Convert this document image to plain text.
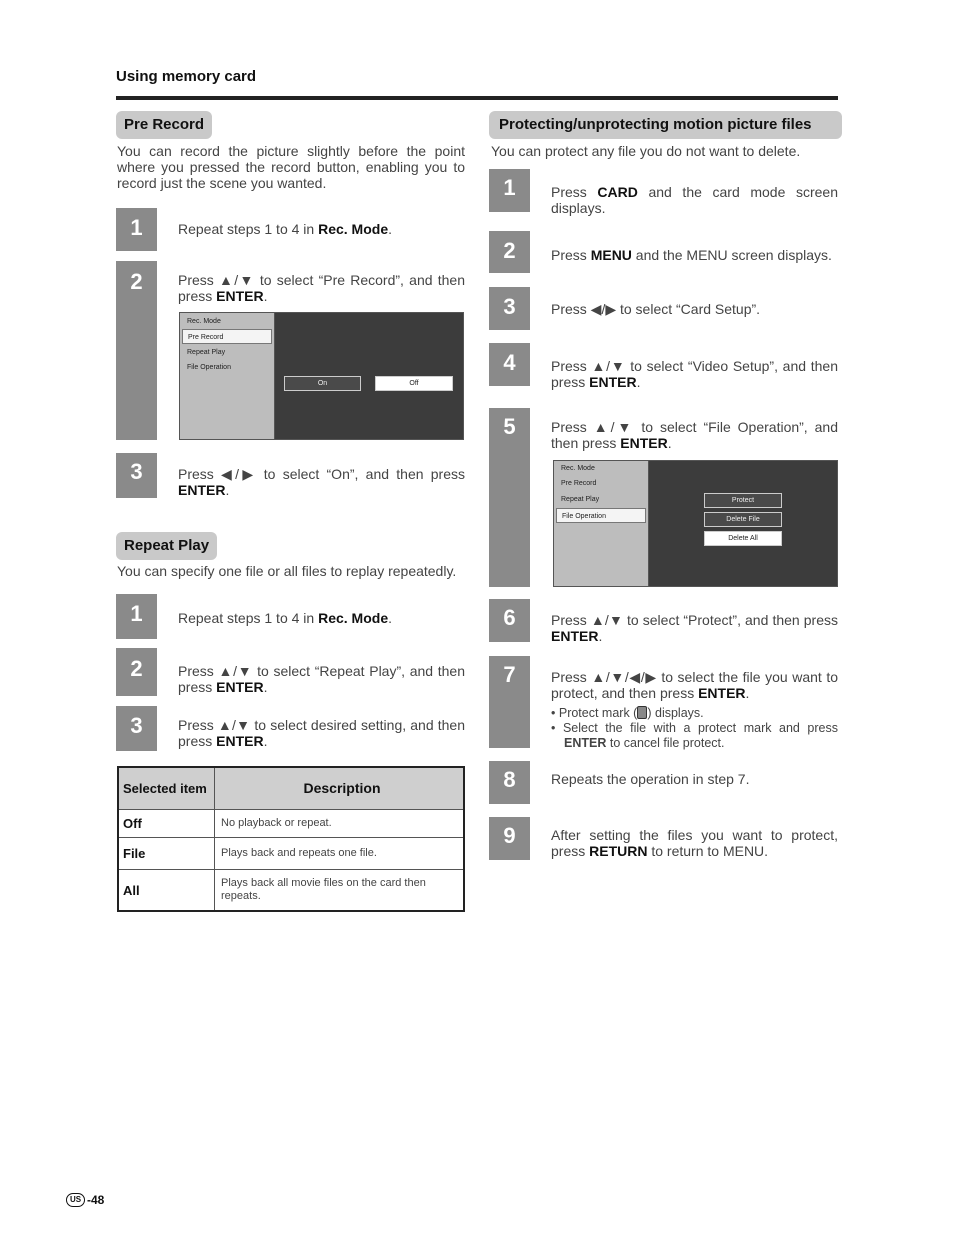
Using memory card
Pre Record
You can record the picture slightly before the point where you pressed the record button, enabling you to record just the scene you wanted.
1	Repeat steps 1 to 4 in Rec. Mode.
2	Press ▲/▼ to select “Pre Record”, and then press ENTER.
Rec. Mode
Pre Record
Repeat Play
File Operation
On	Off
3	Press ◀/▶ to select “On”, and then press ENTER.
Repeat Play
You can specify one file or all files to replay repeatedly.
1	Repeat steps 1 to 4 in Rec. Mode.
2	Press ▲/▼ to select “Repeat Play”, and then press ENTER.
3	Press ▲/▼ to select desired setting, and then press ENTER.
Selected item	Description
Off	No playback or repeat.
File	Plays back and repeats one file.
All	Plays back all movie files on the card then repeats.
Protecting/unprotecting motion picture files
You can protect any file you do not want to delete.
1	Press CARD and the card mode screen displays.
2	Press MENU and the MENU screen displays.
3	Press ◀/▶ to select “Card Setup”.
4	Press ▲/▼ to select “Video Setup”, and then press ENTER.
5	Press ▲/▼ to select “File Operation”, and then press ENTER.
Rec. Mode
Pre Record
Repeat Play
File Operation
Protect
Delete File
Delete All
6	Press ▲/▼ to select “Protect”, and then press ENTER.
7	Press ▲/▼/◀/▶ to select the file you want to protect, and then press ENTER.
• Protect mark ( ) displays.
• Select the file with a protect mark and press ENTER to cancel file protect.
8	Repeats the operation in step 7.
9	After setting the files you want to protect, press RETURN to return to MENU.
US -48
